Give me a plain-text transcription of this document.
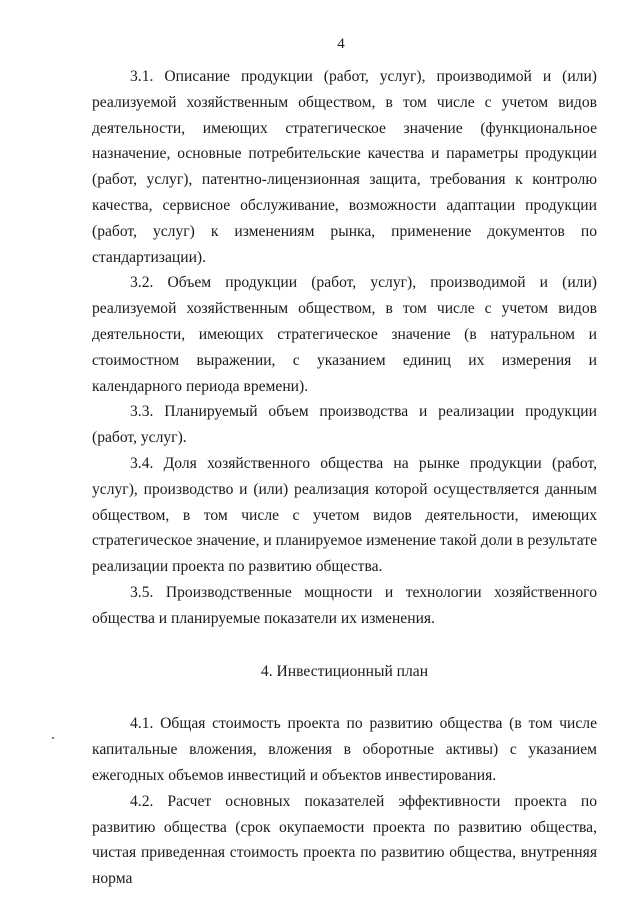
4

3.1. Описание продукции (работ, услуг), производимой и (или) реализуемой хозяйственным обществом, в том числе с учетом видов деятельности, имеющих стратегическое значение (функциональное назначение, основные потребительские качества и параметры продукции (работ, услуг), патентно-лицензионная защита, требования к контролю качества, сервисное обслуживание, возможности адаптации продукции (работ, услуг) к изменениям рынка, применение документов по стандартизации).

3.2. Объем продукции (работ, услуг), производимой и (или) реализуемой хозяйственным обществом, в том числе с учетом видов деятельности, имеющих стратегическое значение (в натуральном и стоимостном выражении, с указанием единиц их измерения и календарного периода времени).

3.3. Планируемый объем производства и реализации продукции (работ, услуг).

3.4. Доля хозяйственного общества на рынке продукции (работ, услуг), производство и (или) реализация которой осуществляется данным обществом, в том числе с учетом видов деятельности, имеющих стратегическое значение, и планируемое изменение такой доли в результате реализации проекта по развитию общества.

3.5. Производственные мощности и технологии хозяйственного общества и планируемые показатели их изменения.

4. Инвестиционный план

4.1. Общая стоимость проекта по развитию общества (в том числе капитальные вложения, вложения в оборотные активы) с указанием ежегодных объемов инвестиций и объектов инвестирования.

4.2. Расчет основных показателей эффективности проекта по развитию общества (срок окупаемости проекта по развитию общества, чистая приведенная стоимость проекта по развитию общества, внутренняя норма
